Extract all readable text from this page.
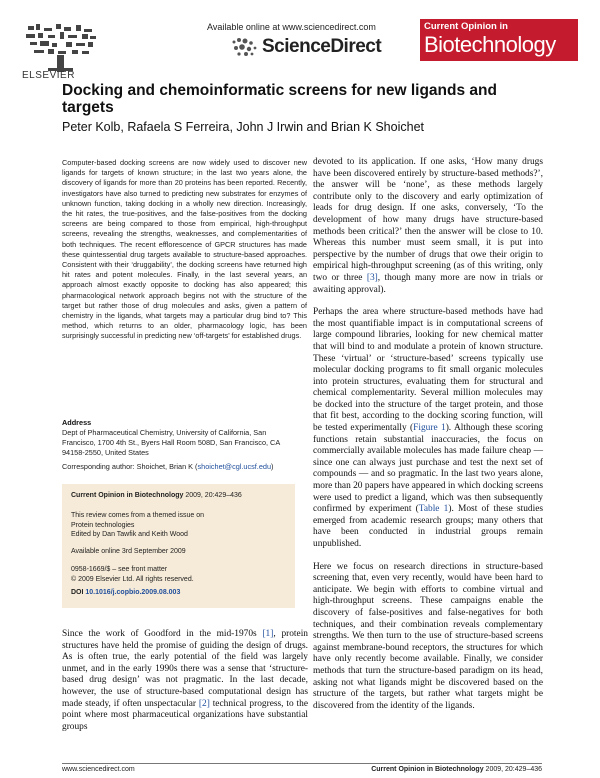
ELSEVIER
Available online at www.sciencedirect.com
ScienceDirect
Current Opinion in
Biotechnology
Docking and chemoinformatic screens for new ligands and targets
Peter Kolb, Rafaela S Ferreira, John J Irwin and Brian K Shoichet
Computer-based docking screens are now widely used to discover new ligands for targets of known structure; in the last two years alone, the discovery of ligands for more than 20 proteins has been reported. Recently, investigators have also turned to predicting new substrates for enzymes of unknown function, taking docking in a wholly new direction. Increasingly, the hit rates, the true-positives, and the false-positives from the docking screens are being compared to those from empirical, high-throughput screens, revealing the strengths, weaknesses, and complementarities of both techniques. The recent efflorescence of GPCR structures has made these quintessential drug targets available to structure-based approaches. Consistent with their ‘druggability’, the docking screens have returned high hit rates and potent molecules. Finally, in the last several years, an approach almost exactly opposite to docking has also appeared; this pharmacological network approach begins not with the structure of the target but rather those of drug molecules and asks, given a pattern of chemistry in the ligands, what targets may a particular drug bind to? This method, which returns to an older, pharmacology logic, has been surprisingly successful in predicting new ‘off-targets’ for established drugs.
Address
Dept of Pharmaceutical Chemistry, University of California, San Francisco, 1700 4th St., Byers Hall Room 508D, San Francisco, CA 94158-2550, United States
Corresponding author: Shoichet, Brian K (shoichet@cgl.ucsf.edu)
Current Opinion in Biotechnology 2009, 20:429–436
This review comes from a themed issue on
Protein technologies
Edited by Dan Tawfik and Keith Wood
Available online 3rd September 2009
0958-1669/$ – see front matter
© 2009 Elsevier Ltd. All rights reserved.
DOI 10.1016/j.copbio.2009.08.003
Since the work of Goodford in the mid-1970s [1], protein structures have held the promise of guiding the design of drugs. As is often true, the early potential of the field was largely unmet, and in the early 1990s there was a sense that ‘structure-based drug design’ was not pragmatic. In the last decade, however, the use of structure-based computational design has made steady, if often unspectacular [2] technical progress, to the point where most pharmaceutical organizations have substantial groups

devoted to its application. If one asks, ‘How many drugs have been discovered entirely by structure-based methods?’, the answer will be ‘none’, as these methods largely contribute only to the discovery and early optimization of leads for drug design. If one asks, conversely, ‘To the development of how many drugs have structure-based methods been critical?’ then the answer will be close to 10. Whereas this number must seem small, it is put into perspective by the number of drugs that owe their origin to empirical high-throughput screening (as of this writing, only two or three [3], though many more are now in trials or awaiting approval).

Perhaps the area where structure-based methods have had the most quantifiable impact is in computational screens of large compound libraries, looking for new chemical matter that will bind to and modulate a protein of known structure. These ‘virtual’ or ‘structure-based’ screens typically use molecular docking programs to fit small organic molecules into protein structures, evaluating them for structural and chemical complementarity. Several million molecules may be docked into the structure of the target protein, and those that fit best, according to the docking scoring function, will be tested experimentally (Figure 1). Although these scoring functions retain substantial inaccuracies, the focus on commercially available molecules has made failure cheap — since one can always just purchase and test the next set of compounds — and so pragmatic. In the last two years alone, more than 20 papers have appeared in which docking screens were used to predict a ligand, which was then subsequently confirmed by experiment (Table 1). Most of these studies emerged from academic research groups; many others that have been conducted in industrial groups remain unpublished.

Here we focus on research directions in structure-based screening that, even very recently, would have been hard to anticipate. We begin with efforts to combine virtual and high-throughput screens. These campaigns enable the discovery of false-positives and false-negatives for both techniques, and their combination reveals complementary strengths. We then turn to the use of structure-based screens against membrane-bound receptors, the structures for which have only recently become available. Finally, we consider methods that turn the structure-based paradigm on its head, asking not what ligands might be discovered based on the structure of the targets, but rather what targets might be discovered from the identity of the ligands.

www.sciencedirect.com	Current Opinion in Biotechnology 2009, 20:429–436
